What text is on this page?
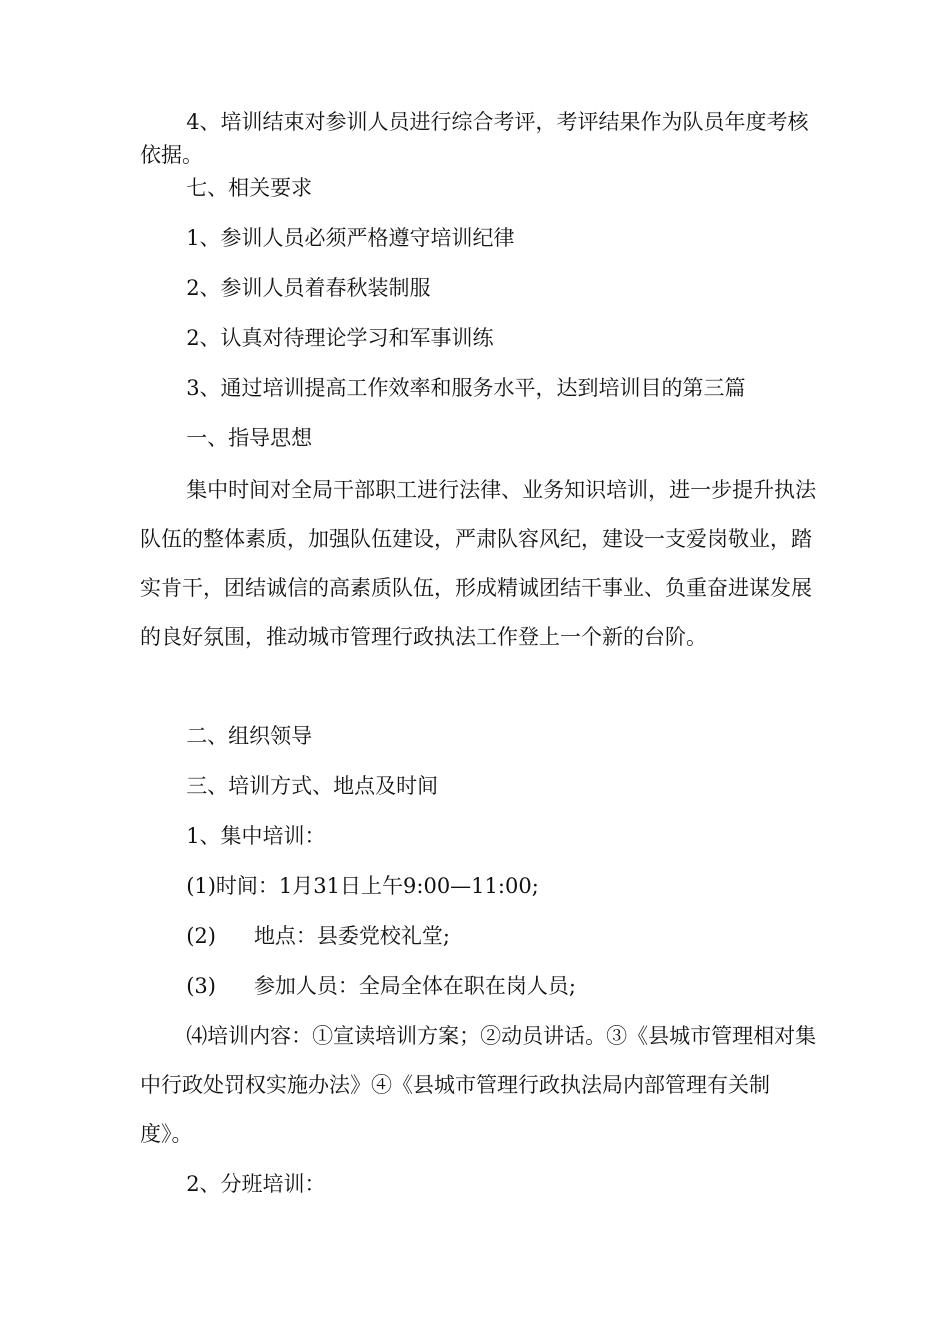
4、培训结束对参训人员进行综合考评，考评结果作为队员年度考核依据。

七、相关要求

1、参训人员必须严格遵守培训纪律

2、参训人员着春秋装制服

2、认真对待理论学习和军事训练

3、通过培训提高工作效率和服务水平，达到培训目的第三篇

一、指导思想

集中时间对全局干部职工进行法律、业务知识培训，进一步提升执法队伍的整体素质，加强队伍建设，严肃队容风纪，建设一支爱岗敬业，踏实肯干，团结诚信的高素质队伍，形成精诚团结干事业、负重奋进谋发展的良好氛围，推动城市管理行政执法工作登上一个新的台阶。

二、组织领导

三、培训方式、地点及时间

1、集中培训：

(1)时间：1月31日上午9:00—11:00;

(2) 地点：县委党校礼堂;

(3) 参加人员：全局全体在职在岗人员;

⑷培训内容：①宣读培训方案；②动员讲话。③《县城市管理相对集中行政处罚权实施办法》④《县城市管理行政执法局内部管理有关制度》。

2、分班培训：
